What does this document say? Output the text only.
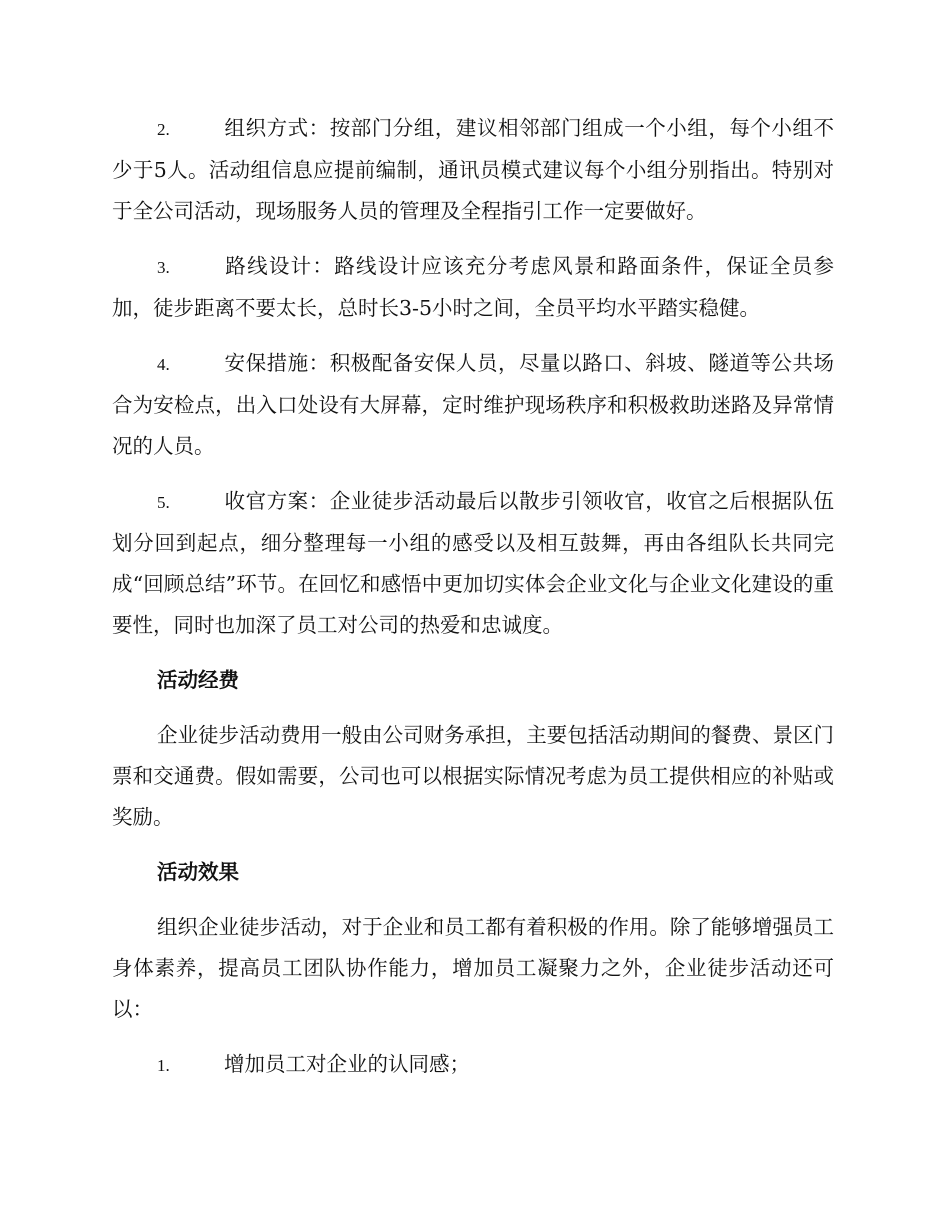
2.	组织方式：按部门分组，建议相邻部门组成一个小组，每个小组不少于5人。活动组信息应提前编制，通讯员模式建议每个小组分别指出。特别对于全公司活动，现场服务人员的管理及全程指引工作一定要做好。

3.	路线设计：路线设计应该充分考虑风景和路面条件，保证全员参加，徒步距离不要太长，总时长3-5小时之间，全员平均水平踏实稳健。

4.	安保措施：积极配备安保人员，尽量以路口、斜坡、隧道等公共场合为安检点，出入口处设有大屏幕，定时维护现场秩序和积极救助迷路及异常情况的人员。

5.	收官方案：企业徒步活动最后以散步引领收官，收官之后根据队伍划分回到起点，细分整理每一小组的感受以及相互鼓舞，再由各组队长共同完成“回顾总结”环节。在回忆和感悟中更加切实体会企业文化与企业文化建设的重要性，同时也加深了员工对公司的热爱和忠诚度。

活动经费

企业徒步活动费用一般由公司财务承担，主要包括活动期间的餐费、景区门票和交通费。假如需要，公司也可以根据实际情况考虑为员工提供相应的补贴或奖励。

活动效果

组织企业徒步活动，对于企业和员工都有着积极的作用。除了能够增强员工身体素养，提高员工团队协作能力，增加员工凝聚力之外，企业徒步活动还可以：

1.	增加员工对企业的认同感；
